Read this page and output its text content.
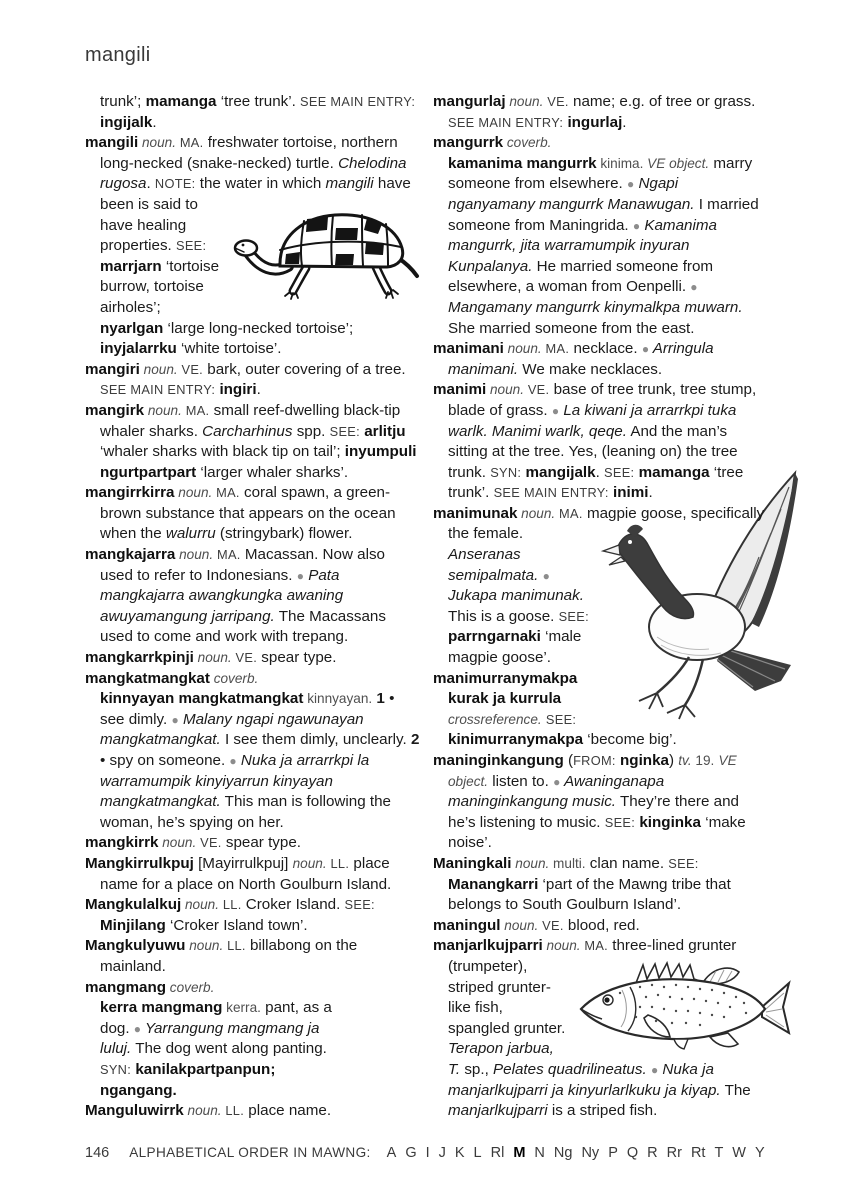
mangili

trunk’; mamanga ‘tree trunk’. SEE MAIN ENTRY: ingijalk.

mangili noun. MA. freshwater tortoise, northern long-necked (snake-necked) turtle. Chelodina rugosa. NOTE: the water
in which mangili have been is said to have healing properties. SEE: marrjarn ‘tortoise burrow, tortoise airholes’; nyarlgan ‘large long-necked tortoise’; inyjalarrku ‘white tortoise’.

mangiri noun. VE. bark, outer covering of a tree. SEE MAIN ENTRY: ingiri.

mangirk noun. MA. small reef-dwelling black-tip whaler sharks. Carcharhinus spp. SEE: arlitju ‘whaler sharks with black tip on tail’; inyumpuli ngurtpartpart ‘larger whaler sharks’.

mangirrkirra noun. MA. coral spawn, a green-brown substance that appears on the ocean when the walurru (stringybark) flower.

mangkajarra noun. MA. Macassan. Now also used to refer to Indonesians. ● Pata mangkajarra awangkungka awaning awuyamangung jarripang. The Macassans used to come and work with trepang.

mangkarrkpinji noun. VE. spear type.

mangkatmangkat coverb.

kinnyayan mangkatmangkat kinnyayan. 1 • see dimly. ● Malany ngapi ngawunayan mangkatmangkat. I see them dimly, unclearly. 2 • spy on someone. ● Nuka ja arrarrkpi la warramumpik kinyiyarrun kinyayan mangkatmangkat. This man is following the woman, he’s spying on her.

mangkirrk noun. VE. spear type.

Mangkirrulkpuj [Mayirrulkpuj] noun. LL. place name for a place on North Goulburn Island.

Mangkulalkuj noun. LL. Croker Island. SEE: Minjilang ‘Croker Island town’.

Mangkulyuwu noun. LL. billabong on the mainland.

mangmang coverb.

kerra mangmang kerra. pant, as a dog. ● Yarrangung mangmang ja luluj. The dog went along panting. SYN: kanilakpartpanpun; ngangang.

Manguluwirrk noun. LL. place name.

mangurlaj noun. VE. name; e.g. of tree or grass. SEE MAIN ENTRY: ingurlaj.

mangurrk coverb.

kamanima mangurrk kinima. VE object. marry someone from elsewhere. ● Ngapi nganyamany mangurrk Manawugan. I married someone from Maningrida. ● Kamanima mangurrk, jita warramumpik inyuran Kunpalanya. He married someone from elsewhere, a woman from Oenpelli. ● Mangamany mangurrk kinymalkpa muwarn. She married someone from the east.

manimani noun. MA. necklace. ● Arringula manimani. We make necklaces.

manimi noun. VE. base of tree trunk, tree stump, blade of grass. ● La kiwani ja arrarrkpi tuka warlk. Manimi warlk, qeqe. And the man’s sitting at the tree. Yes, (leaning on) the tree trunk. SYN: mangijalk. SEE: mamanga ‘tree trunk’. SEE MAIN ENTRY: inimi.

manimunak noun. MA. magpie goose,
specifically the female. Anseranas semipalmata. ● Jukapa manimunak. This is a goose. SEE: parrngarnaki ‘male magpie goose’.

manimurranymakpa kurak ja kurrula crossreference. SEE: kinimurranymakpa ‘become big’.

maninginkangung (FROM: nginka) tv. 19. VE object. listen to. ● Awaninganapa maninginkangung music. They’re there and he’s listening to music. SEE: kinginka ‘make noise’.

Maningkali noun. multi. clan name. SEE: Manangkarri ‘part of the Mawng tribe that belongs to South Goulburn Island’.

maningul noun. VE. blood, red.

manjarlkujparri noun. MA. three-lined grunter
(trumpeter), striped grunter-like fish, spangled grunter. Terapon jarbua, T. sp., Pelates quadrilineatus. ● Nuka ja manjarlkujparri ja kinyurlarlkuku ja kiyap. The manjarlkujparri is a striped fish.

146 ALPHABETICAL ORDER IN MAWNG: A G I J K L Rl M N Ng Ny P Q R Rr Rt T W Y
